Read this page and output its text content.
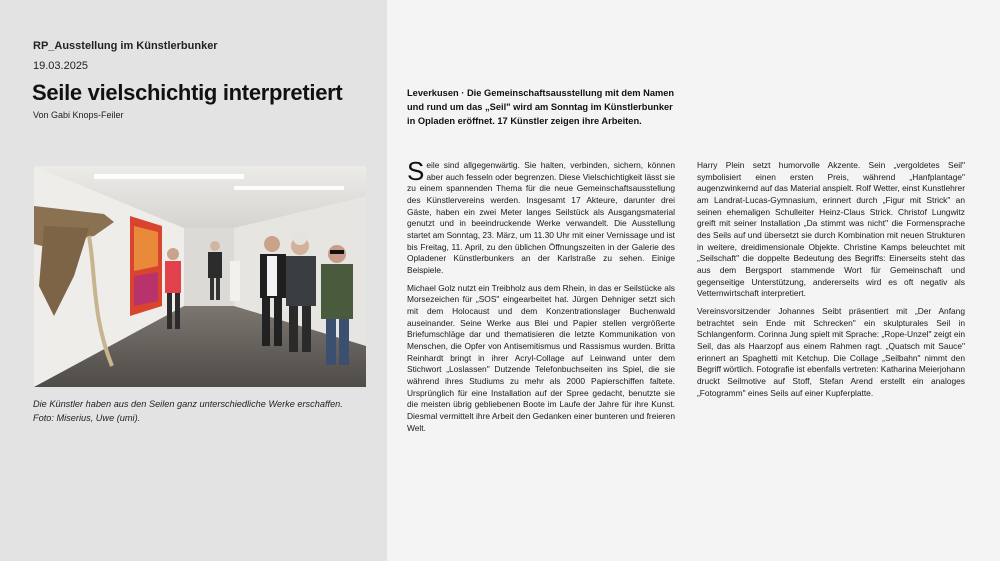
RP_Ausstellung im Künstlerbunker
19.03.2025
Seile vielschichtig interpretiert
Von Gabi Knops-Feiler
Die Künstler haben aus den Seilen ganz unterschiedliche Werke erschaffen.
Foto: Miserius, Uwe (umi).
Leverkusen · Die Gemeinschaftsausstellung mit dem Namen und rund um das „Seil" wird am Sonntag im Künstlerbunker in Opladen eröffnet. 17 Künstler zeigen ihre Arbeiten.

Seile sind allgegenwärtig. Sie halten, verbinden, sichern, können aber auch fesseln oder begrenzen. Diese Vielschichtigkeit lässt sie zu einem spannenden Thema für die neue Gemeinschaftsausstellung des Künstlervereins werden. Insgesamt 17 Akteure, darunter drei Gäste, haben ein zwei Meter langes Seilstück als Ausgangsmaterial genutzt und in beeindruckende Werke verwandelt. Die Ausstellung startet am Sonntag, 23. März, um 11.30 Uhr mit einer Vernissage und ist bis Freitag, 11. April, zu den üblichen Öffnungszeiten in der Galerie des Opladener Künstlerbunkers an der Karlstraße zu sehen. Einige Beispiele.

Michael Golz nutzt ein Treibholz aus dem Rhein, in das er Seilstücke als Morsezeichen für „SOS" eingearbeitet hat. Jürgen Dehniger setzt sich mit dem Holocaust und dem Konzentrationslager Buchenwald auseinander. Seine Werke aus Blei und Papier stellen vergrößerte Briefumschläge dar und thematisieren die letzte Kommunikation von Menschen, die Opfer von Antisemitismus und Rassismus wurden. Britta Reinhardt bringt in ihrer Acryl-Collage auf Leinwand unter dem Stichwort „Loslassen" Dutzende Telefonbuchseiten ins Spiel, die sie während ihres Studiums zu mehr als 2000 Papierschiffen faltete. Ursprünglich für eine Installation auf der Spree gedacht, benutzte sie die meisten übrig gebliebenen Boote im Laufe der Jahre für ihre Kunst. Diesmal vermittelt ihre Arbeit den Gedanken einer bunteren und freieren Welt.

Harry Plein setzt humorvolle Akzente. Sein „vergoldetes Seil" symbolisiert einen ersten Preis, während „Hanfplantage" augenzwinkernd auf das Material anspielt. Rolf Wetter, einst Kunstlehrer am Landrat-Lucas-Gymnasium, erinnert durch „Figur mit Strick" an seinen ehemaligen Schulleiter Heinz-Claus Strick. Christof Lungwitz greift mit seiner Installation „Da stimmt was nicht" die Formensprache des Seils auf und übersetzt sie durch Kombination mit neuen Strukturen in weitere, dreidimensionale Objekte. Christine Kamps beleuchtet mit „Seilschaft" die doppelte Bedeutung des Begriffs: Einerseits steht das aus dem Bergsport stammende Wort für Gemeinschaft und gegenseitige Unterstützung, andererseits wird es oft negativ als Vetternwirtschaft interpretiert.

Vereinsvorsitzender Johannes Seibt präsentiert mit „Der Anfang betrachtet sein Ende mit Schrecken" ein skulpturales Seil in Schlangenform. Corinna Jung spielt mit Sprache: „Rope-Unzel" zeigt ein Seil, das als Haarzopf aus einem Rahmen ragt. „Quatsch mit Sauce" erinnert an Spaghetti mit Ketchup. Die Collage „Seilbahn" nimmt den Begriff wörtlich. Fotografie ist ebenfalls vertreten: Katharina Meierjohann druckt Seilmotive auf Stoff, Stefan Arend erstellt ein analoges „Fotogramm" eines Seils auf einer Kupferplatte.
